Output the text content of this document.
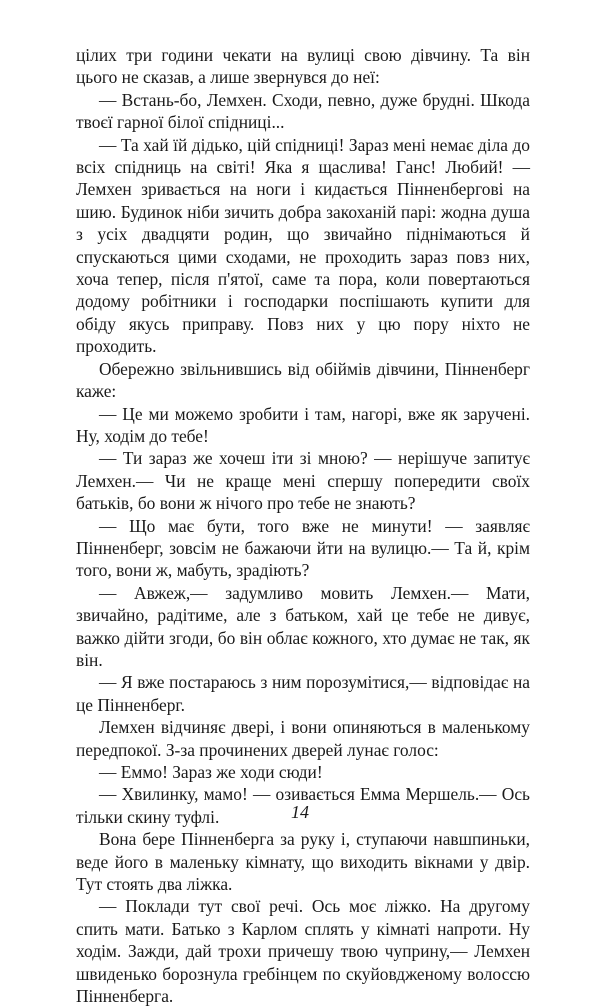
цілих три години чекати на вулиці свою дівчину. Та він цього не сказав, а лише звернувся до неї:

— Встань-бо, Лемхен. Сходи, певно, дуже брудні. Шкода твоєї гарної білої спідниці...

— Та хай їй дідько, цій спідниці! Зараз мені немає діла до всіх спідниць на світі! Яка я щаслива! Ганс! Любий! — Лемхен зривається на ноги і кидається Пінненбергові на шию. Будинок ніби зичить добра закоханій парі: жодна душа з усіх двадцяти родин, що звичайно піднімаються й спускаються цими сходами, не проходить зараз повз них, хоча тепер, після п'ятої, саме та пора, коли повертаються додому робітники і господарки поспішають купити для обіду якусь приправу. Повз них у цю пору ніхто не проходить.

Обережно звільнившись від обіймів дівчини, Пінненберг каже:

— Це ми можемо зробити і там, нагорі, вже як заручені. Ну, ходім до тебе!

— Ти зараз же хочеш іти зі мною? — нерішуче запитує Лемхен.— Чи не краще мені спершу попередити своїх батьків, бо вони ж нічого про тебе не знають?

— Що має бути, того вже не минути! — заявляє Пінненберг, зовсім не бажаючи йти на вулицю.— Та й, крім того, вони ж, мабуть, зрадіють?

— Авжеж,— задумливо мовить Лемхен.— Мати, звичайно, радітиме, але з батьком, хай це тебе не дивує, важко дійти згоди, бо він облає кожного, хто думає не так, як він.

— Я вже постараюсь з ним порозумітися,— відповідає на це Пінненберг.

Лемхен відчиняє двері, і вони опиняються в маленькому передпокої. З-за прочинених дверей лунає голос:

— Еммо! Зараз же ходи сюди!

— Хвилинку, мамо! — озивається Емма Мершель.— Ось тільки скину туфлі.

Вона бере Пінненберга за руку і, ступаючи навшпиньки, веде його в маленьку кімнату, що виходить вікнами у двір. Тут стоять два ліжка.

— Поклади тут свої речі. Ось моє ліжко. На другому спить мати. Батько з Карлом сплять у кімнаті напроти. Ну ходім. Зажди, дай трохи причешу твою чуприну,— Лемхен швиденько борознула гребінцем по скуйовдженому волоссю Пінненберга.

14
